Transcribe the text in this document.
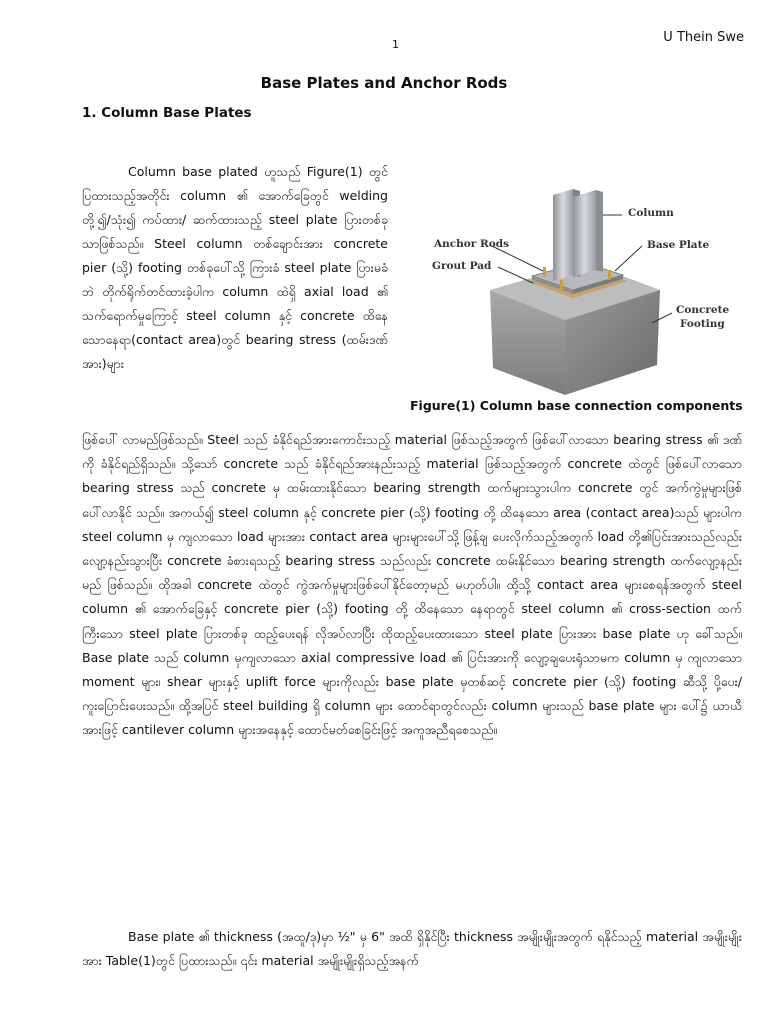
U Thein Swe
1
Base Plates and Anchor Rods
1. Column Base Plates
Column base plated ဟူသည် Figure(1) တွင် ပြထားသည့်အတိုင်း column ၏ အောက်ခြေတွင် welding တို့၍/သုံး၍ ကပ်ထား/ ဆက်ထားသည့် steel plate ပြားတစ်ခုသာဖြစ်သည်။ Steel column တစ်ချောင်းအား concrete pier (သို့) footing တစ်ခုပေါ်သို့ ကြားခံ steel plate ပြားမခံဘဲ တိုက်ရိုက်တင်ထားခဲ့ပါက column ထဲရှိ axial load ၏ သက်ရောက်မှုကြောင့် steel column နှင့် concrete ထိနေသောနေရာ(contact area)တွင် bearing stress (ထမ်းဒဏ်အား)များ
Column
Anchor Rods	Base Plate
Grout Pad
Concrete
Footing
Figure(1) Column base connection components
ဖြစ်ပေါ် လာမည်ဖြစ်သည်။ Steel သည် ခံနိုင်ရည်အားကောင်းသည့် material ဖြစ်သည့်အတွက် ဖြစ်ပေါ်လာသော bearing stress ၏ ဒဏ်ကို ခံနိုင်ရည်ရှိသည်။ သို့သော် concrete သည် ခံနိုင်ရည်အားနည်းသည့် material ဖြစ်သည့်အတွက် concrete ထဲတွင် ဖြစ်ပေါ်လာသော bearing stress သည် concrete မှ ထမ်းထားနိုင်သော bearing strength ထက်များသွားပါက concrete တွင် အက်ကွဲမှုများဖြစ်ပေါ်လာနိုင် သည်။ အကယ်၍ steel column နှင့် concrete pier (သို့) footing တို့ ထိနေသော area (contact area)သည် များပါက steel column မှ ကျလာသော load များအား contact area များများပေါ်သို့ ဖြန့်ချ ပေးလိုက်သည့်အတွက် load တို့၏ပြင်းအားသည်လည်း လျော့နည်းသွားပြီး concrete ခံစားရသည့် bearing stress သည်လည်း concrete ထမ်းနိုင်သော bearing strength ထက်လျော့နည်းမည် ဖြစ်သည်။ ထိုအခါ concrete ထဲတွင် ကွဲအက်မှုများဖြစ်ပေါ်နိုင်တော့မည် မဟုတ်ပါ။ ထို့သို့ contact area များစေရန်အတွက် steel column ၏ အောက်ခြေနှင့် concrete pier (သို့) footing တို့ ထိနေသော နေရာတွင် steel column ၏ cross-section ထက်ကြီးသော steel plate ပြားတစ်ခု ထည့်ပေးရန် လိုအပ်လာပြီး ထိုထည့်ပေးထားသော steel plate ပြားအား base plate ဟု ခေါ်သည်။ Base plate သည် column မှကျလာသော axial compressive load ၏ ပြင်းအားကို လျော့ချပေးရုံသာမက column မှ ကျလာသော moment များ၊ shear များနှင့် uplift force များကိုလည်း base plate မှတစ်ဆင့် concrete pier (သို့) footing ဆီသို့ ပို့ပေး/ ကူးပြောင်းပေးသည်။ ထို့အပြင် steel building ရှိ column များ ထောင်ရာတွင်လည်း column များသည် base plate များ ပေါ်၌ ယာယီအားဖြင့် cantilever column များအနေနှင့် ထောင်မတ်စေခြင်းဖြင့် အကူအညီရစေသည်။
Base plate ၏ thickness (အထူ/ဒု)မှာ ½" မှ 6" အထိ ရှိနိုင်ပြီး thickness အမျိုးမျိုးအတွက် ရနိုင်သည့် material အမျိုးမျိုးအား Table(1)တွင် ပြထားသည်။ ၎င်း material အမျိုးမျိုးရှိသည့်အနက်
